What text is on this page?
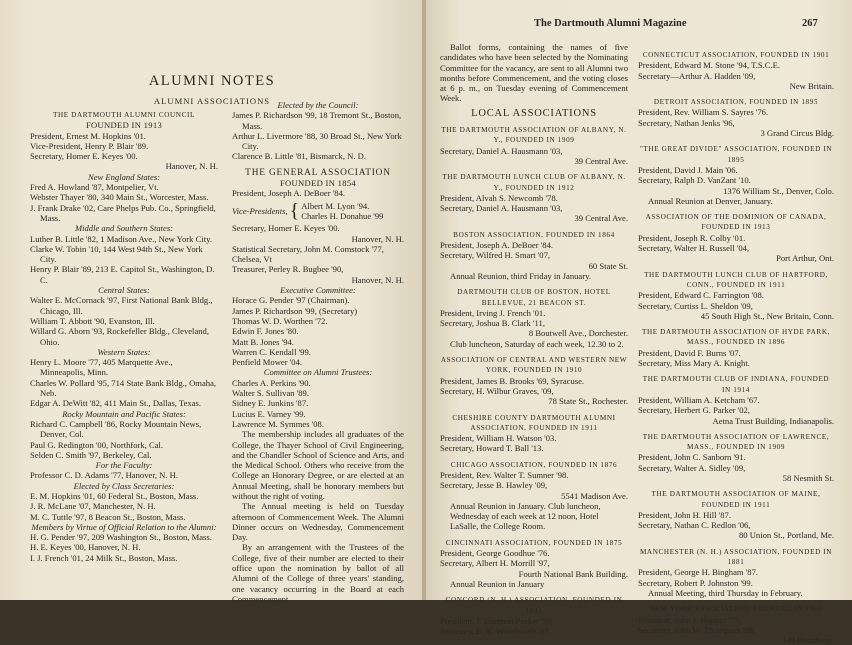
ALUMNI NOTES

ALUMNI ASSOCIATIONS

THE DARTMOUTH ALUMNI COUNCIL

FOUNDED IN 1913

President, Ernest M. Hopkins '01.

Vice-President, Henry P. Blair '89.

Secretary, Homer E. Keyes '00.

Hanover, N. H.

New England States:

Fred A. Howland '87, Montpelier, Vt.

Webster Thayer '80, 340 Main St., Worcester, Mass.

J. Frank Drake '02, Care Phelps Pub. Co., Springfield, Mass.

Middle and Southern States:

Luther B. Little '82, 1 Madison Ave., New York City.

Clarke W. Tobin '10, 144 West 94th St., New York City.

Henry P. Blair '89, 213 E. Capitol St., Washington, D. C.

Central States:

Walter E. McCornack '97, First National Bank Bldg., Chicago, Ill.

William T. Abbott '90, Evanston, Ill.

Willard G. Aborn '93, Rockefeller Bldg., Cleveland, Ohio.

Western States:

Henry L. Moore '77, 405 Marquette Ave., Minneapolis, Minn.

Charles W. Pollard '95, 714 State Bank Bldg., Omaha, Neb.

Edgar A. DeWitt '82, 411 Main St., Dallas, Texas.

Rocky Mountain and Pacific States:

Richard C. Campbell '86, Rocky Mountain News, Denver, Col.

Paul G. Redington '00, Northfork, Cal.

Selden C. Smith '97, Berkeley, Cal.

For the Faculty:

Professor C. D. Adams '77, Hanover, N. H.

Elected by Class Secretaries:

E. M. Hopkins '01, 60 Federal St., Boston, Mass.

J. R. McLane '07, Manchester, N. H.

M. C. Tuttle '97, 8 Beacon St., Boston, Mass.

Members by Virtue of Official Relation to the Alumni:

H. G. Pender '97, 209 Washington St., Boston, Mass.

H. E. Keyes '00, Hanover, N. H.

I. J. French '01, 24 Milk St., Boston, Mass.

Elected by the Council:

James P. Richardson '99, 18 Tremont St., Boston, Mass.

Arthur L. Livermore '88, 30 Broad St., New York City.

Clarence B. Little '81, Bismarck, N. D.

THE GENERAL ASSOCIATION

FOUNDED IN 1854

President, Joseph A. DeBoer '84.

Vice-Presidents, { Albert M. Lyon '94.
Charles H. Donahue '99

Secretary, Homer E. Keyes '00.

Hanover, N. H.

Statistical Secretary, John M. Comstock '77, Chelsea, Vt

Treasurer, Perley R. Bugbee '90,

Hanover, N. H.

Executive Committee:

Horace G. Pender '97 (Chairman).

James P. Richardson '99, (Secretary)

Thomas W. D. Worthen '72.

Edwin F. Jones '80.

Matt B. Jones '94.

Warren C. Kendall '99.

Penfield Mower '04.

Committee on Alumni Trustees:

Charles A. Perkins '90.

Walter S. Sullivan '89.

Sidney E. Junkins '87.

Lucius E. Varney '99.

Lawrence M. Symmes '08.

The membership includes all graduates of the College, the Thayer School of Civil Engineering, and the Chandler School of Science and Arts, and the Medical School. Others who receive from the College an Honorary Degree, or are elected at an Annual Meeting, shall be honorary members but without the right of voting.

The Annual meeting is held on Tuesday afternoon of Commencement Week. The Alumni Dinner occurs on Wednesday, Commencement Day.

By an arrangement with the Trustees of the College, five of their number are elected to their office upon the nomination by ballot of all Alumni of the College of three years' standing, one vacancy occurring in the Board at each Commencement.

The Dartmouth Alumni Magazine	267

Ballot forms, containing the names of five candidates who have been selected by the Nominating Committee for the vacancy, are sent to all Alumni two months before Commencement, and the voting closes at 6 p. m., on Tuesday evening of Commencement Week.

LOCAL ASSOCIATIONS

THE DARTMOUTH ASSOCIATION OF ALBANY, N. Y., FOUNDED IN 1909

Secretary, Daniel A. Hausmann '03,

39 Central Ave.

THE DARTMOUTH LUNCH CLUB OF ALBANY, N. Y., FOUNDED IN 1912

President, Alvah S. Newcomb '78.

Secretary, Daniel A. Hausmann '03,

39 Central Ave.

BOSTON ASSOCIATION, FOUNDED IN 1864

President, Joseph A. DeBoer '84.

Secretary, Wilfred H. Smart '07,

60 State St.

Annual Reunion, third Friday in January.

DARTMOUTH CLUB OF BOSTON, HOTEL BELLEVUE, 21 BEACON ST.

President, Irving J. French '01.

Secretary, Joshua B. Clark '11,

8 Boutwell Ave., Dorchester.

Club luncheon, Saturday of each week, 12.30 to 2.

ASSOCIATION OF CENTRAL AND WESTERN NEW YORK, FOUNDED IN 1910

President, James B. Brooks '69, Syracuse.

Secretary, H. Wilbur Graves, '09,

78 State St., Rochester.

CHESHIRE COUNTY DARTMOUTH ALUMNI ASSOCIATION, FOUNDED IN 1911

President, William H. Watson '03.

Secretary, Howard T. Ball '13.

CHICAGO ASSOCIATION, FOUNDED IN 1876

President, Rev. Walter T. Sumner '98.

Secretary, Jesse B. Hawley '09,

5541 Madison Ave.

Annual Reunion in January. Club luncheon, Wednesday of each week at 12 noon, Hotel LaSalle, the College Room.

CINCINNATI ASSOCIATION, FOUNDED IN 1875

President, George Goodhue '76.

Secretary, Albert H. Morrill '97,

Fourth National Bank Building.

Annual Reunion in January

CONCORD (N. H.) ASSOCIATION, FOUNDED IN 1891

President, J. Eastman Pecker '58.

Secretary, E. K. Woodworth '97.

CONNECTICUT ASSOCIATION, FOUNDED IN 1901

President, Edward M. Stone '94, T.S.C.E.

Secretary—Arthur A. Hadden '09,

New Britain.

DETROIT ASSOCIATION, FOUNDED IN 1895

President, Rev. William S. Sayres '76.

Secretary, Nathan Jenks '96,

3 Grand Circus Bldg.

"THE GREAT DIVIDE" ASSOCIATION, FOUNDED IN 1895

President, David J. Main '06.

Secretary, Ralph D. VanZant '10.

1376 William St., Denver, Colo.

Annual Reunion at Denver, January.

ASSOCIATION OF THE DOMINION OF CANADA, FOUNDED IN 1913

President, Joseph R. Colby '01.

Secretary, Walter H. Russell '04,

Port Arthur, Ont.

THE DARTMOUTH LUNCH CLUB OF HARTFORD, CONN., FOUNDED IN 1911

President, Edward C. Farrington '08.

Secretary, Curtiss L. Sheldon '09,

45 South High St., New Britain, Conn.

THE DARTMOUTH ASSOCIATION OF HYDE PARK, MASS., FOUNDED IN 1896

President, David F. Burns '07.

Secretary, Miss Mary A. Knight.

THE DARTMOUTH CLUB OF INDIANA, FOUNDED IN 1914

President, William A. Ketcham '67.

Secretary, Herbert G. Parker '02,

Aetna Trust Building, Indianapolis.

THE DARTMOUTH ASSOCIATION OF LAWRENCE, MASS., FOUNDED IN 1909

President, John C. Sanborn '91.

Secretary, Walter A. Sidley '09,

58 Nesmith St.

THE DARTMOUTH ASSOCIATION OF MAINE, FOUNDED IN 1911

President, John H. Hill '87.

Secretary, Nathan C. Redlon '06,

80 Union St., Portland, Me.

MANCHESTER (N. H.) ASSOCIATION, FOUNDED IN 1881

President, George H. Bingham '87.

Secretary, Robert P. Johnston '99.

Annual Meeting, third Thursday in February.

NEW YORK ASSOCIATION, FOUNDED IN 1866

President, John J. Hopper '77.

Secretary, John W. Thompson '08,

149 Broadway.
